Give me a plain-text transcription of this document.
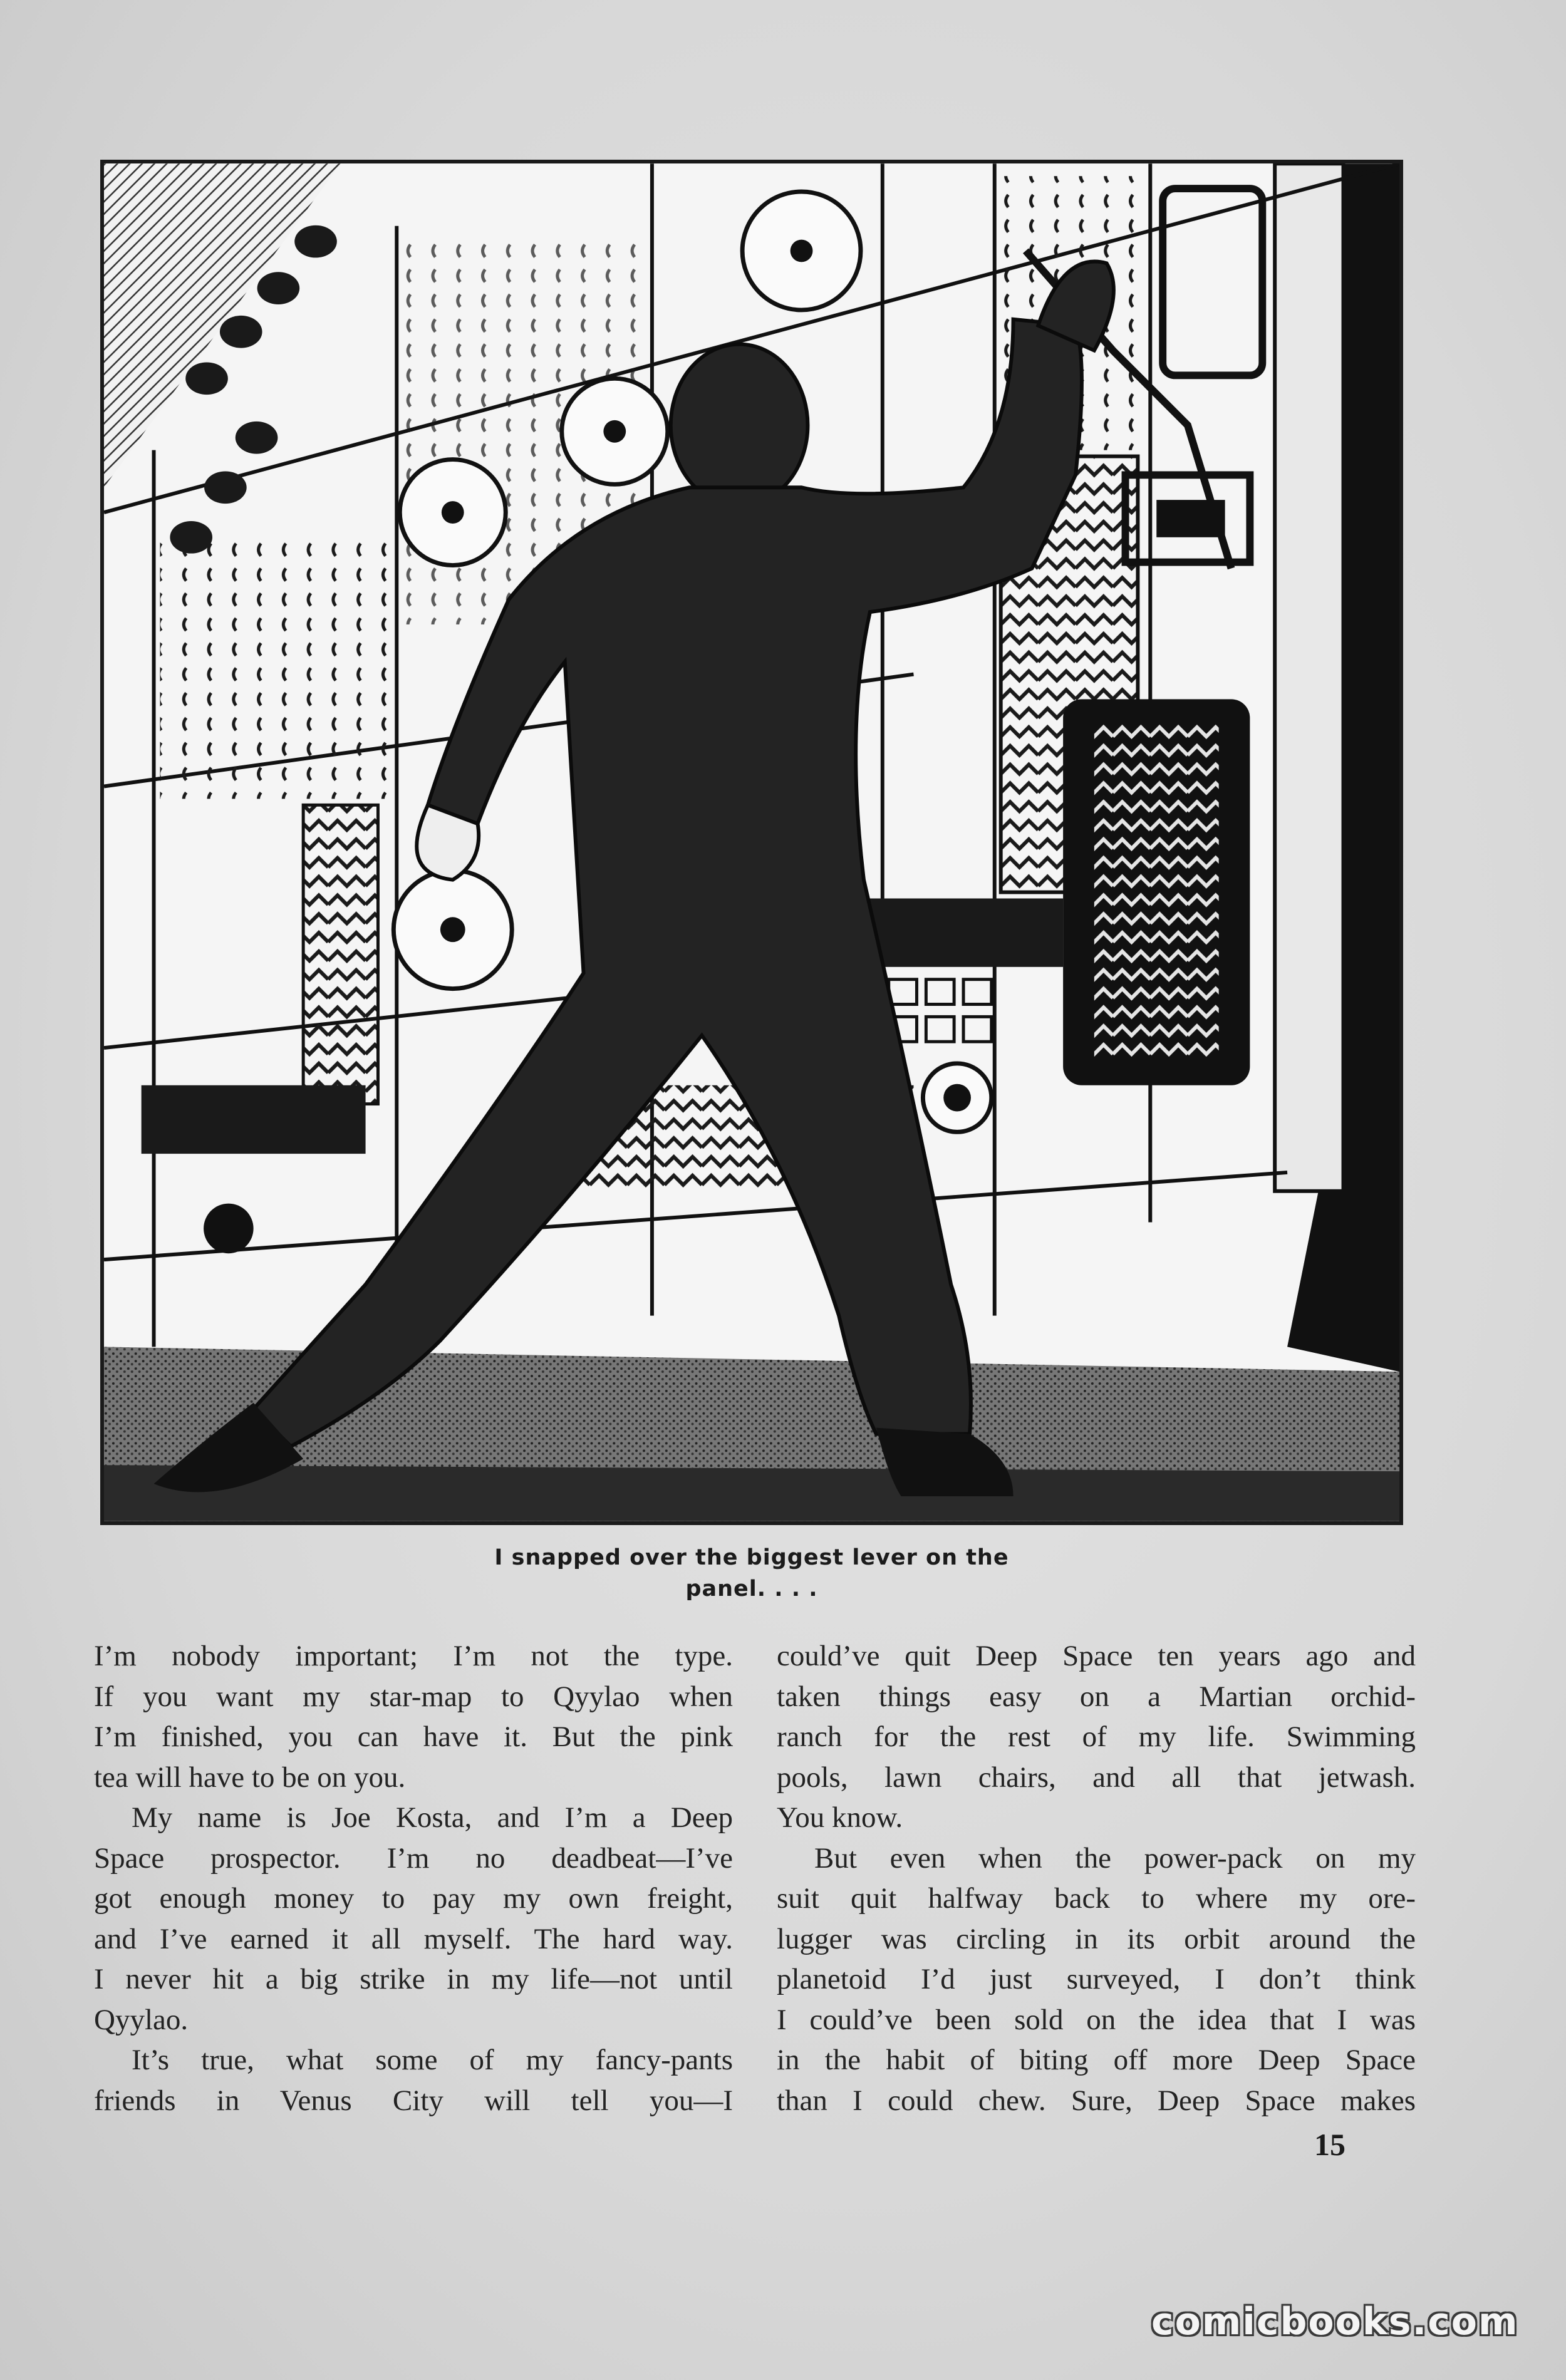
I snapped over the biggest lever on the
panel. . . .

I’m nobody important; I’m not the type.

If you want my star-map to Qyylao when

I’m finished, you can have it. But the pink

tea will have to be on you.

My name is Joe Kosta, and I’m a Deep

Space prospector. I’m no deadbeat—I’ve

got enough money to pay my own freight,

and I’ve earned it all myself. The hard way.

I never hit a big strike in my life—not until

Qyylao.

It’s true, what some of my fancy-pants

friends in Venus City will tell you—I

could’ve quit Deep Space ten years ago and

taken things easy on a Martian orchid-

ranch for the rest of my life. Swimming

pools, lawn chairs, and all that jetwash.

You know.

But even when the power-pack on my

suit quit halfway back to where my ore-

lugger was circling in its orbit around the

planetoid I’d just surveyed, I don’t think

I could’ve been sold on the idea that I was

in the habit of biting off more Deep Space

than I could chew. Sure, Deep Space makes

15
comicbooks.com
